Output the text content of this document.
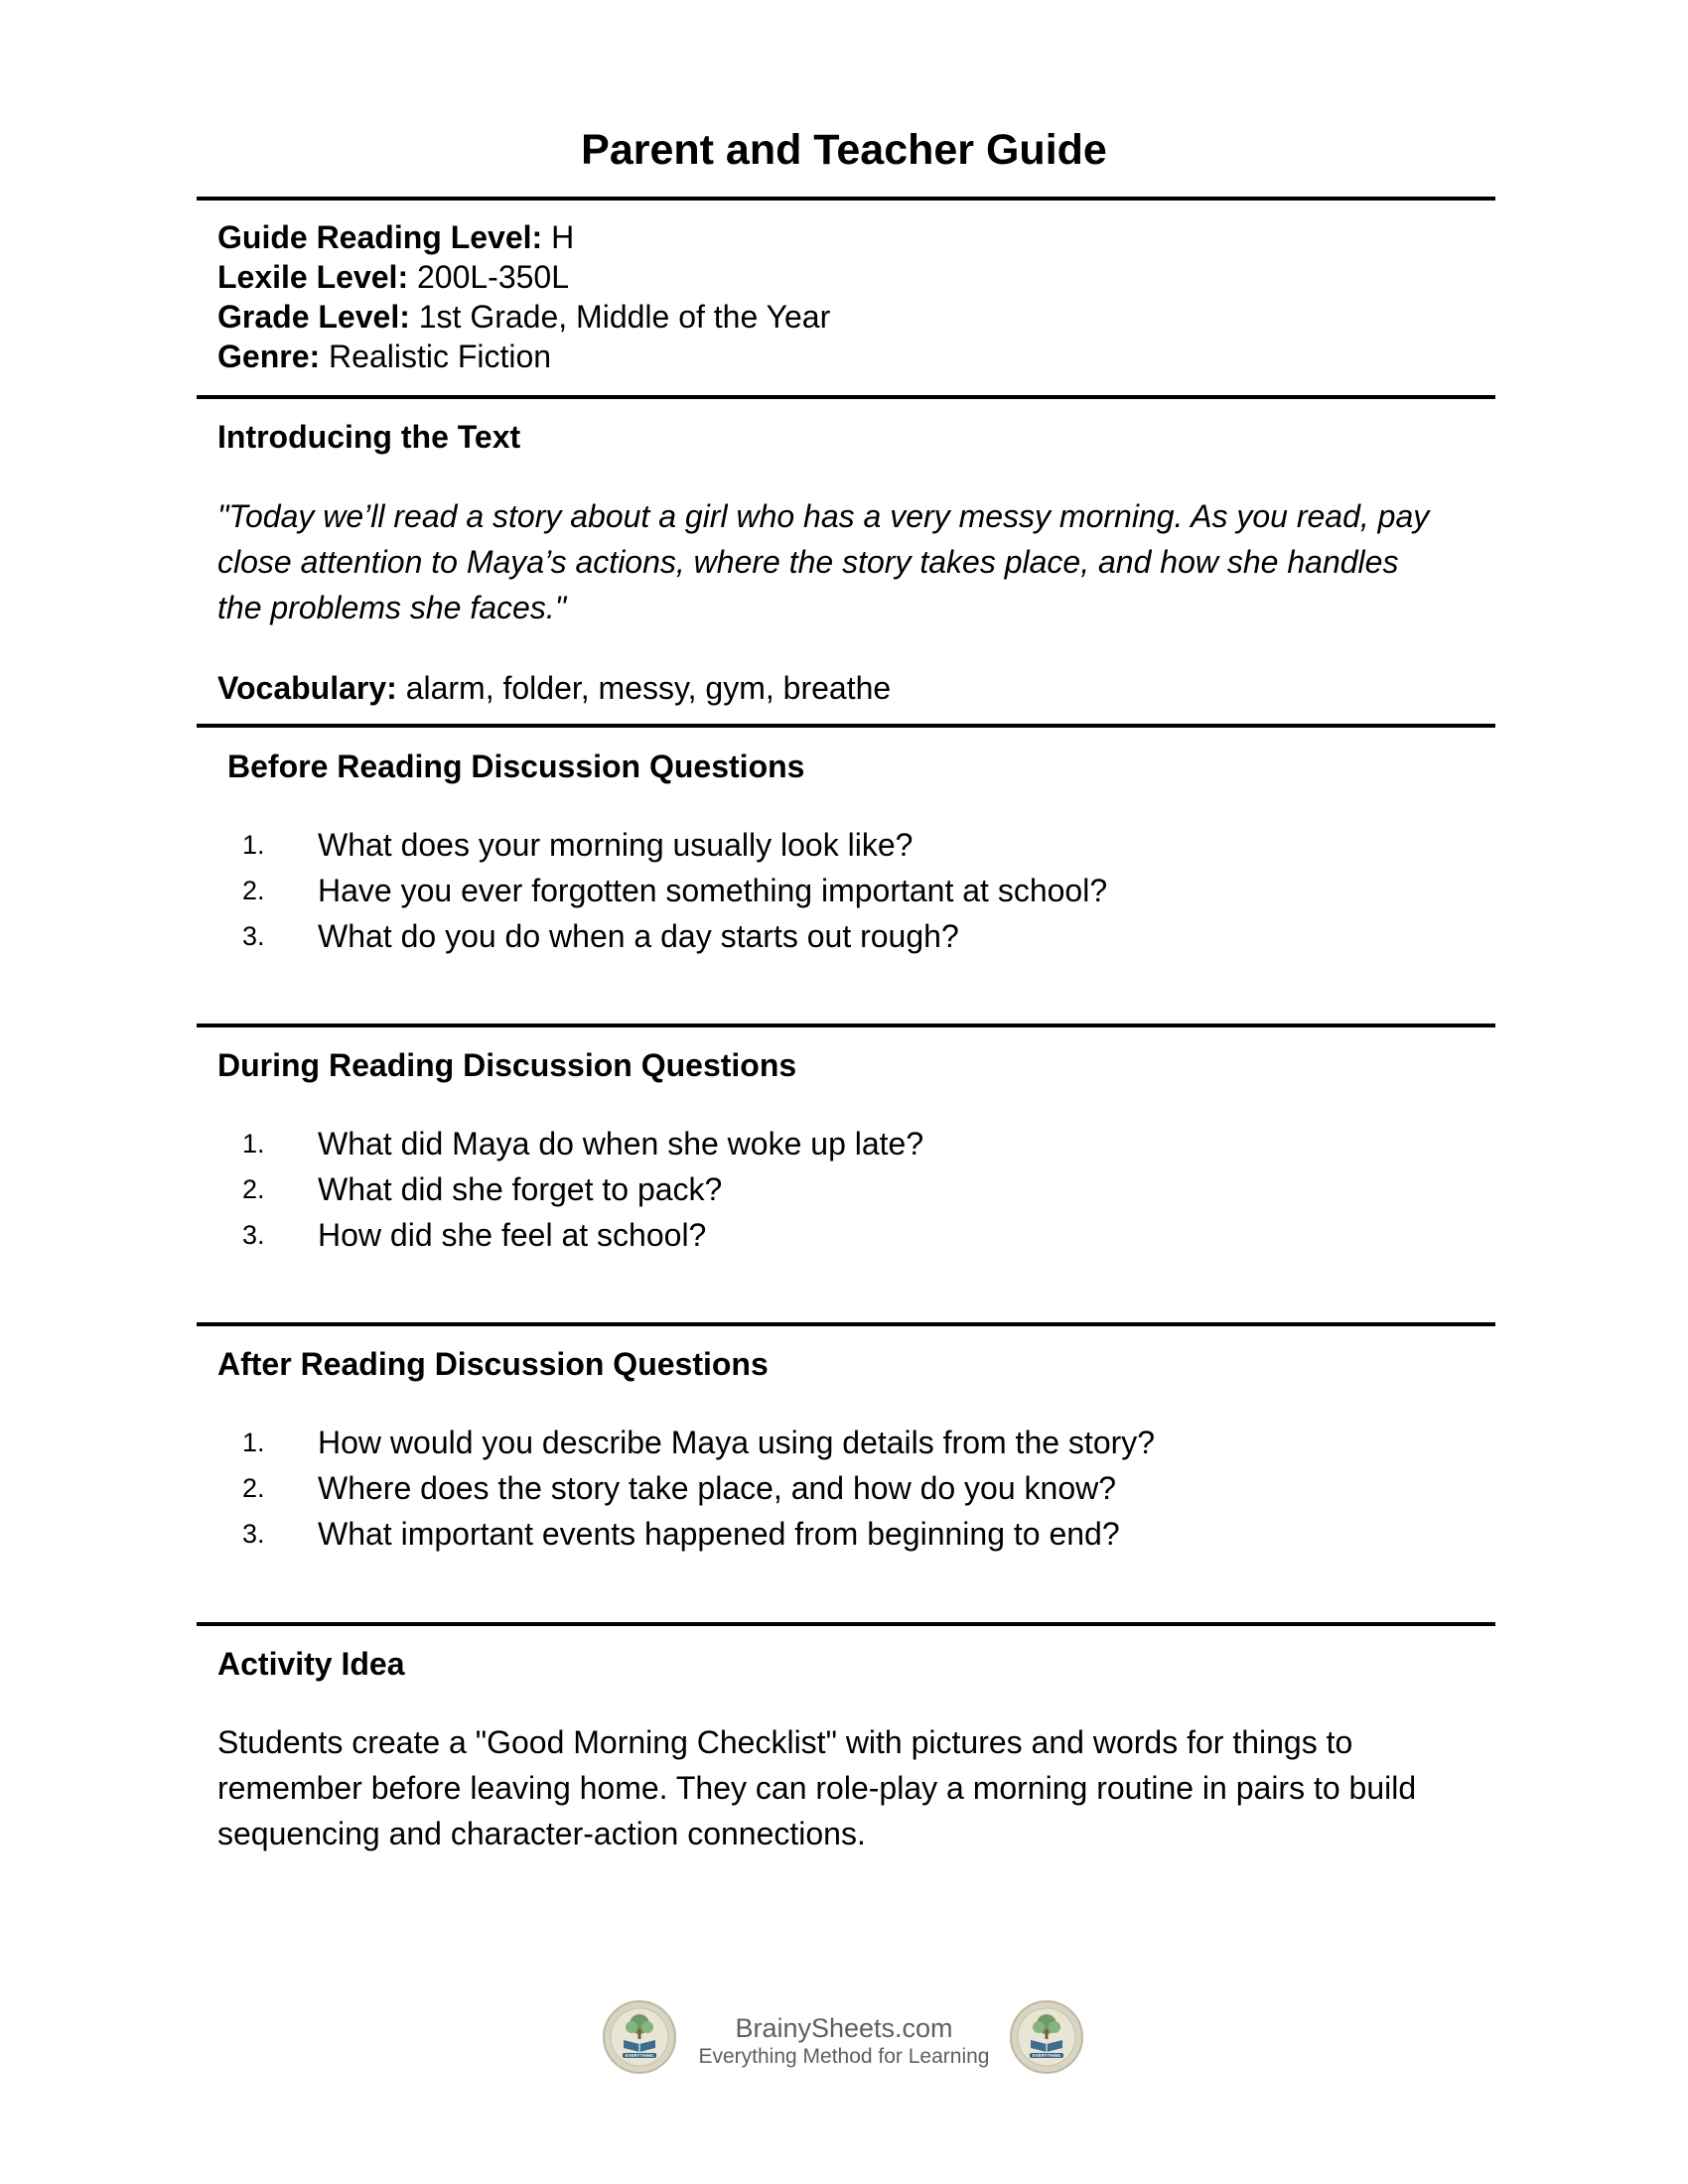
Parent and Teacher Guide

Guide Reading Level: H

Lexile Level: 200L-350L

Grade Level: 1st Grade, Middle of the Year

Genre: Realistic Fiction

Introducing the Text

"Today we’ll read a story about a girl who has a very messy morning. As you read, pay close attention to Maya’s actions, where the story takes place, and how she handles the problems she faces."

Vocabulary: alarm, folder, messy, gym, breathe

Before Reading Discussion Questions

1. What does your morning usually look like?
2. Have you ever forgotten something important at school?
3. What do you do when a day starts out rough?

During Reading Discussion Questions

1. What did Maya do when she woke up late?
2. What did she forget to pack?
3. How did she feel at school?

After Reading Discussion Questions

1. How would you describe Maya using details from the story?
2. Where does the story take place, and how do you know?
3. What important events happened from beginning to end?

Activity Idea

Students create a "Good Morning Checklist" with pictures and words for things to remember before leaving home. They can role-play a morning routine in pairs to build sequencing and character-action connections.

EVERYTHING
BrainySheets.com
Everything Method for Learning	EVERYTHING
